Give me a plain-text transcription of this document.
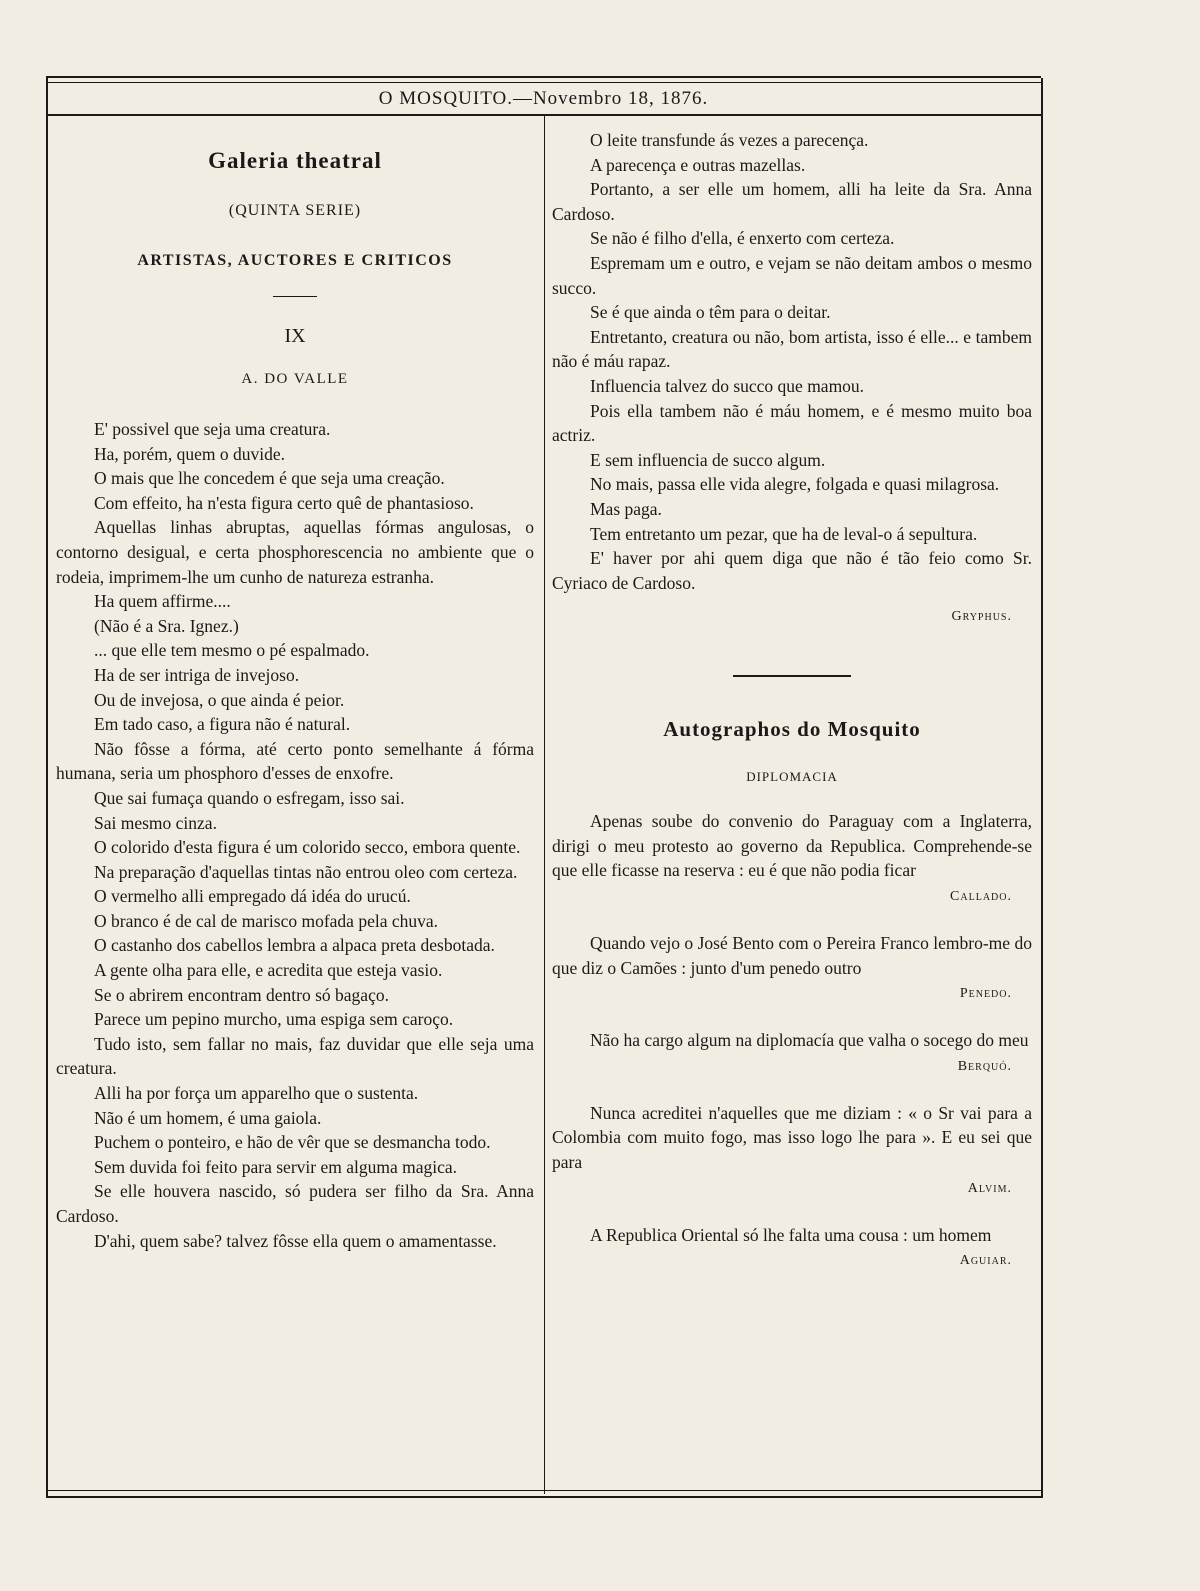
O MOSQUITO.—Novembro 18, 1876.
Galeria theatral
(QUINTA SERIE)
ARTISTAS, AUCTORES E CRITICOS
IX
A. DO VALLE

E' possivel que seja uma creatura.

Ha, porém, quem o duvide.

O mais que lhe concedem é que seja uma creação.

Com effeito, ha n'esta figura certo quê de phantasioso.

Aquellas linhas abruptas, aquellas fórmas angulosas, o contorno desigual, e certa phosphorescencia no ambiente que o rodeia, imprimem-lhe um cunho de natureza estranha.

Ha quem affirme....

(Não é a Sra. Ignez.)

... que elle tem mesmo o pé espalmado.

Ha de ser intriga de invejoso.

Ou de invejosa, o que ainda é peior.

Em tado caso, a figura não é natural.

Não fôsse a fórma, até certo ponto semelhante á fórma humana, seria um phosphoro d'esses de enxofre.

Que sai fumaça quando o esfregam, isso sai.

Sai mesmo cinza.

O colorido d'esta figura é um colorido secco, embora quente.

Na preparação d'aquellas tintas não entrou oleo com certeza.

O vermelho alli empregado dá idéa do urucú.

O branco é de cal de marisco mofada pela chuva.

O castanho dos cabellos lembra a alpaca preta desbotada.

A gente olha para elle, e acredita que esteja vasio.

Se o abrirem encontram dentro só bagaço.

Parece um pepino murcho, uma espiga sem caroço.

Tudo isto, sem fallar no mais, faz duvidar que elle seja uma creatura.

Alli ha por força um apparelho que o sustenta.

Não é um homem, é uma gaiola.

Puchem o ponteiro, e hão de vêr que se desmancha todo.

Sem duvida foi feito para servir em alguma magica.

Se elle houvera nascido, só pudera ser filho da Sra. Anna Cardoso.

D'ahi, quem sabe? talvez fôsse ella quem o amamentasse.

O leite transfunde ás vezes a parecença.

A parecença e outras mazellas.

Portanto, a ser elle um homem, alli ha leite da Sra. Anna Cardoso.

Se não é filho d'ella, é enxerto com certeza.

Espremam um e outro, e vejam se não deitam ambos o mesmo succo.

Se é que ainda o têm para o deitar.

Entretanto, creatura ou não, bom artista, isso é elle... e tambem não é máu rapaz.

Influencia talvez do succo que mamou.

Pois ella tambem não é máu homem, e é mesmo muito boa actriz.

E sem influencia de succo algum.

No mais, passa elle vida alegre, folgada e quasi milagrosa.

Mas paga.

Tem entretanto um pezar, que ha de leval-o á sepultura.

E' haver por ahi quem diga que não é tão feio como Sr. Cyriaco de Cardoso.

Gryphus.
Autographos do Mosquito
DIPLOMACIA

Apenas soube do convenio do Paraguay com a Inglaterra, dirigi o meu protesto ao governo da Republica. Comprehende-se que elle ficasse na reserva : eu é que não podia ficar

Callado.

Quando vejo o José Bento com o Pereira Franco lembro-me do que diz o Camões : junto d'um penedo outro

Penedo.

Não ha cargo algum na diplomacía que valha o socego do meu

Berquó.

Nunca acreditei n'aquelles que me diziam : « o Sr vai para a Colombia com muito fogo, mas isso logo lhe para ». E eu sei que para

Alvim.

A Republica Oriental só lhe falta uma cousa : um homem

Aguiar.
